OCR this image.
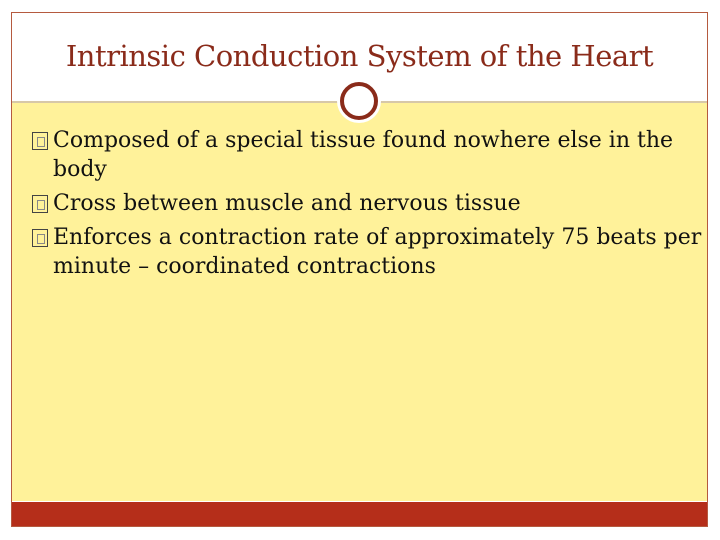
Intrinsic Conduction System of the Heart
Composed of a special tissue found nowhere else in the body
Cross between muscle and nervous tissue
Enforces a contraction rate of approximately 75 beats per minute – coordinated contractions
